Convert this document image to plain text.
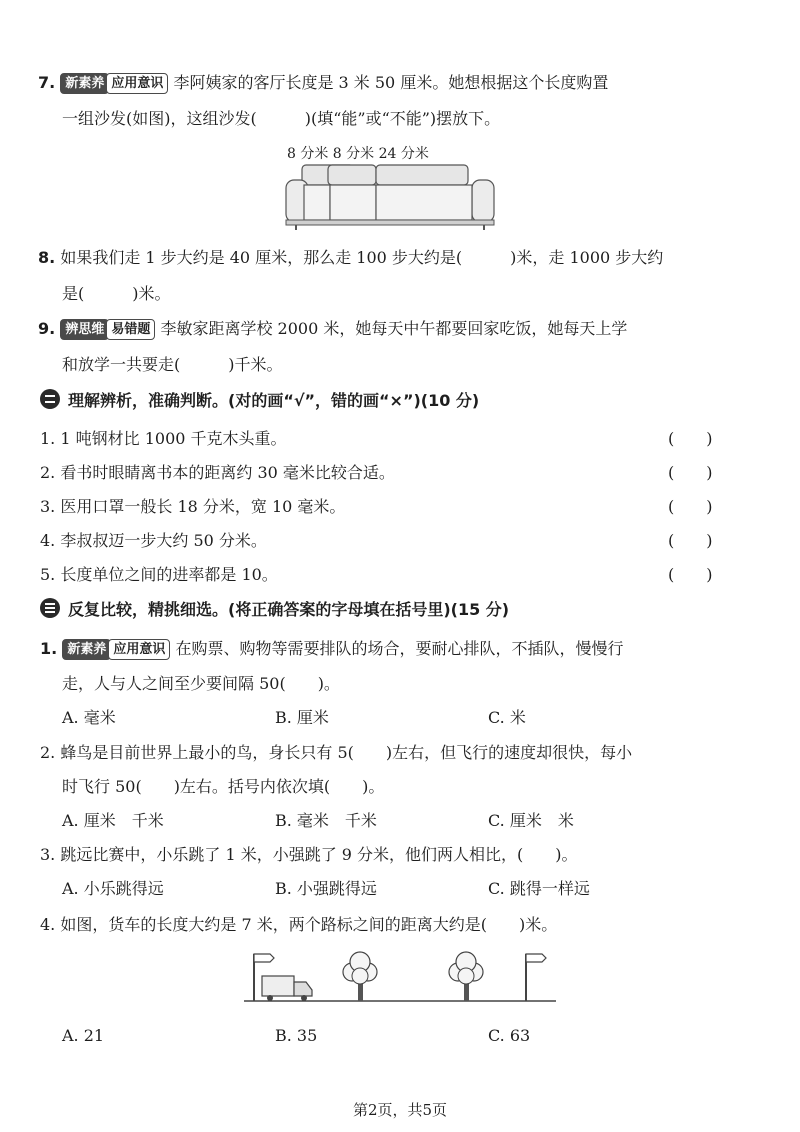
7. 新素养 应用意识 李阿姨家的客厅长度是 3 米 50 厘米。她想根据这个长度购置
一组沙发(如图)，这组沙发(　　　)(填“能”或“不能”)摆放下。
8 分米 8 分米 24 分米
8. 如果我们走 1 步大约是 40 厘米，那么走 100 步大约是(　　　)米，走 1000 步大约
是(　　　)米。
9. 辨思维 易错题 李敏家距离学校 2000 米，她每天中午都要回家吃饭，她每天上学
和放学一共要走(　　　)千米。
理解辨析，准确判断。(对的画“√”，错的画“×”)(10 分)
1. 1 吨钢材比 1000 千克木头重。	(　　)
2. 看书时眼睛离书本的距离约 30 毫米比较合适。	(　　)
3. 医用口罩一般长 18 分米，宽 10 毫米。	(　　)
4. 李叔叔迈一步大约 50 分米。	(　　)
5. 长度单位之间的进率都是 10。	(　　)
反复比较，精挑细选。(将正确答案的字母填在括号里)(15 分)
1. 新素养 应用意识 在购票、购物等需要排队的场合，要耐心排队，不插队，慢慢行
走，人与人之间至少要间隔 50(　　)。
A. 毫米	B. 厘米	C. 米
2. 蜂鸟是目前世界上最小的鸟，身长只有 5(　　)左右，但飞行的速度却很快，每小
时飞行 50(　　)左右。括号内依次填(　　)。
A. 厘米　千米	B. 毫米　千米	C. 厘米　米
3. 跳远比赛中，小乐跳了 1 米，小强跳了 9 分米，他们两人相比，(　　)。
A. 小乐跳得远	B. 小强跳得远	C. 跳得一样远
4. 如图，货车的长度大约是 7 米，两个路标之间的距离大约是(　　)米。
A. 21	B. 35	C. 63
第2页，共5页
